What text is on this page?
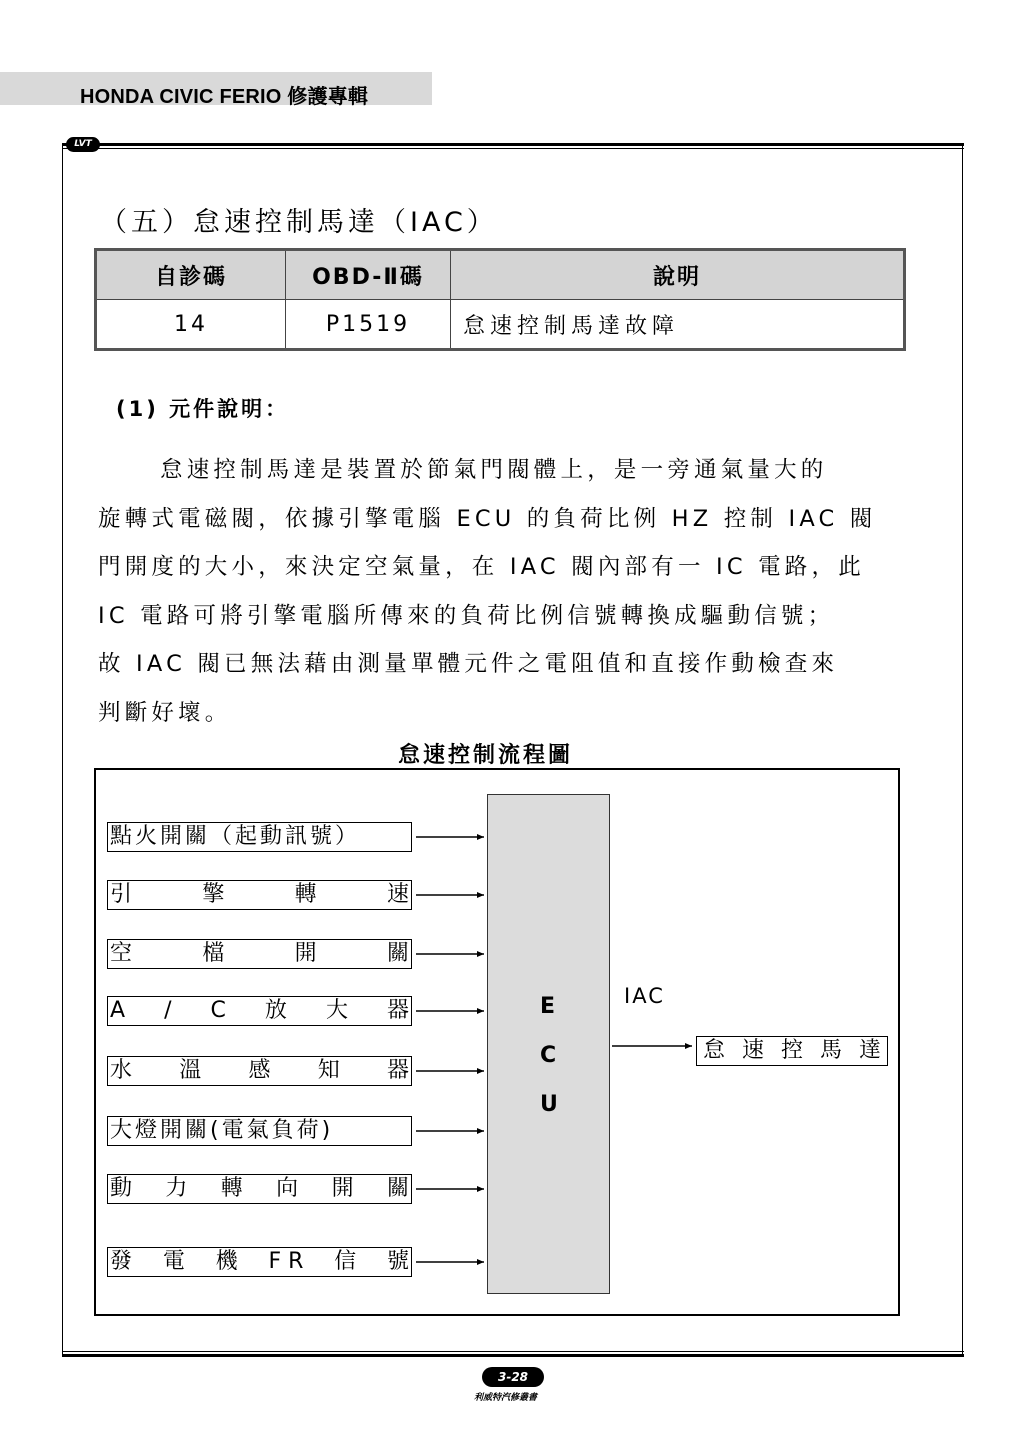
HONDA CIVIC FERIO 修護專輯
LVT
（五）怠速控制馬達（IAC）
自診碼	OBD-Ⅱ碼	說明
14	P1519	怠速控制馬達故障
(1) 元件說明：

怠速控制馬達是裝置於節氣門閥體上，是一旁通氣量大的
旋轉式電磁閥，依據引擎電腦 ECU 的負荷比例 HZ 控制 IAC 閥
門開度的大小，來決定空氣量，在 IAC 閥內部有一 IC 電路，此
IC 電路可將引擎電腦所傳來的負荷比例信號轉換成驅動信號；
故 IAC 閥已無法藉由測量單體元件之電阻值和直接作動檢查來
判斷好壞。

怠速控制流程圖
點火開關（起動訊號）
引	擎	轉	速
空	檔	開	關
A / C 放 大 器
水 溫 感 知 器
大燈開關(電氣負荷)
動 力 轉 向 開 關
發 電 機 F R 信 號
E
C
U
IAC
怠 速 控 馬 達
3-28
利威特汽修叢書
